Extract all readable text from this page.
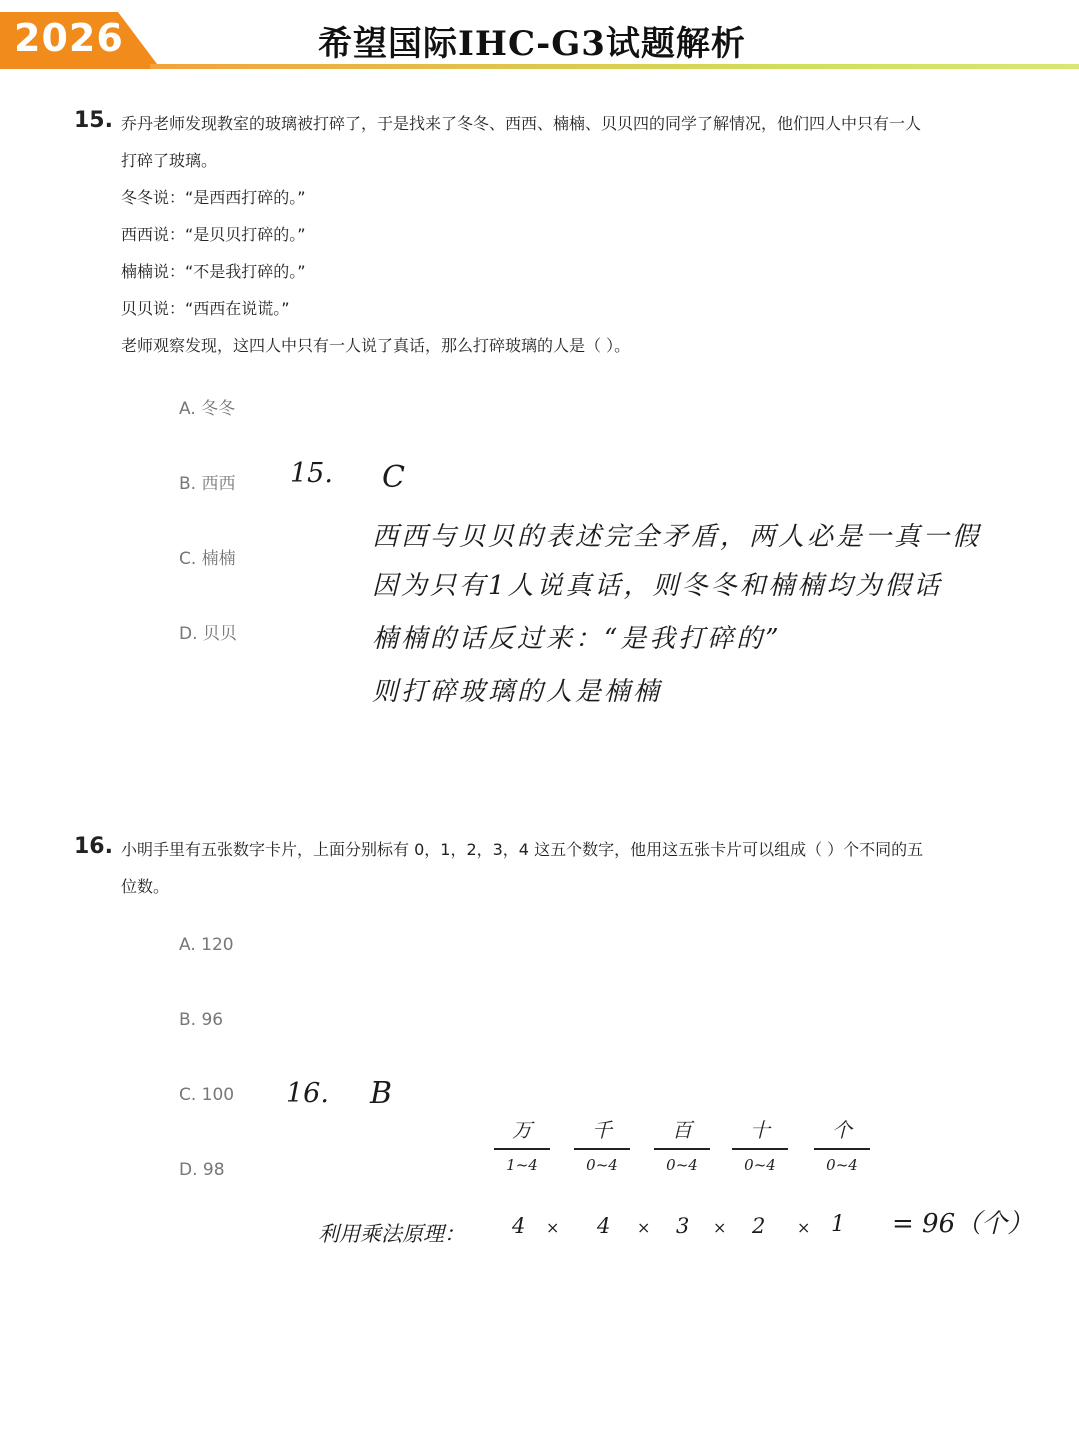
2026	希望国际IHC-G3试题解析
15. 乔丹老师发现教室的玻璃被打碎了，于是找来了冬冬、西西、楠楠、贝贝四的同学了解情况，他们四人中只有一人
打碎了玻璃。
冬冬说：“是西西打碎的。”
西西说：“是贝贝打碎的。”
楠楠说：“不是我打碎的。”
贝贝说：“西西在说谎。”
老师观察发现，这四人中只有一人说了真话，那么打碎玻璃的人是（ ）。
A. 冬冬
B. 西西
C. 楠楠
D. 贝贝
15. C
西西与贝贝的表述完全矛盾，两人必是一真一假
因为只有1人说真话，则冬冬和楠楠均为假话
楠楠的话反过来：“是我打碎的”
则打碎玻璃的人是楠楠
16. 小明手里有五张数字卡片，上面分别标有 0，1，2，3，4 这五个数字，他用这五张卡片可以组成（ ）个不同的五
位数。
A. 120
B. 96
C. 100
D. 98
16. B
万
1~4
千
0~4
百
0~4
十
0~4
个
0~4
利用乘法原理： 4 × 4 × 3 × 2 × 1 = 96（个）
